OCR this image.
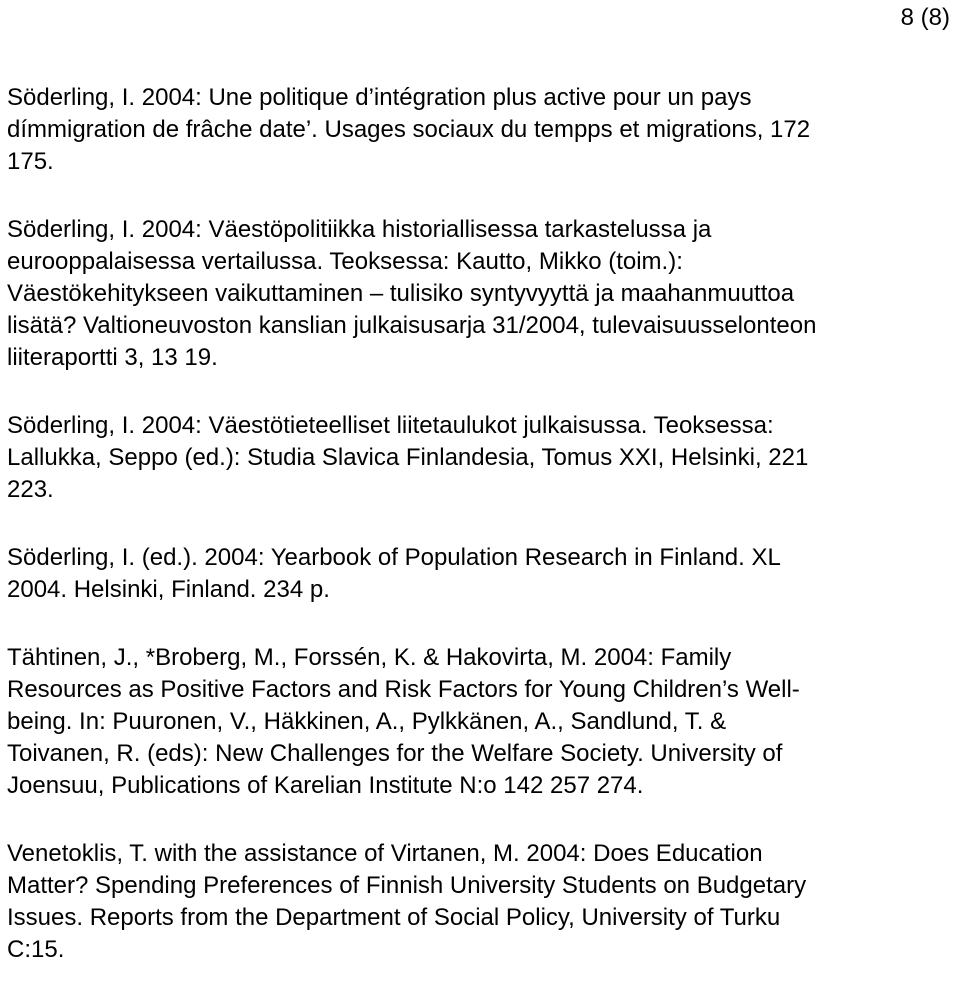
8 (8)
Söderling, I. 2004: Une politique d’intégration plus active pour un pays
dímmigration de frâche date’. Usages sociaux du tempps et migrations, 172
175.
Söderling, I. 2004: Väestöpolitiikka historiallisessa tarkastelussa ja
eurooppalaisessa vertailussa. Teoksessa: Kautto, Mikko (toim.):
Väestökehitykseen vaikuttaminen – tulisiko syntyvyyttä ja maahanmuuttoa
lisätä? Valtioneuvoston kanslian julkaisusarja 31/2004, tulevaisuusselonteon
liiteraportti 3, 13 19.
Söderling, I. 2004: Väestötieteelliset liitetaulukot julkaisussa. Teoksessa:
Lallukka, Seppo (ed.): Studia Slavica Finlandesia, Tomus XXI, Helsinki, 221
223.
Söderling, I. (ed.). 2004: Yearbook of Population Research in Finland. XL
2004. Helsinki, Finland. 234 p.
Tähtinen, J., *Broberg, M., Forssén, K. & Hakovirta, M. 2004: Family
Resources as Positive Factors and Risk Factors for Young Children’s Well-
being. In: Puuronen, V., Häkkinen, A., Pylkkänen, A., Sandlund, T. &
Toivanen, R. (eds): New Challenges for the Welfare Society. University of
Joensuu, Publications of Karelian Institute N:o 142 257 274.
Venetoklis, T. with the assistance of Virtanen, M. 2004: Does Education
Matter? Spending Preferences of Finnish University Students on Budgetary
Issues. Reports from the Department of Social Policy, University of Turku
C:15.
